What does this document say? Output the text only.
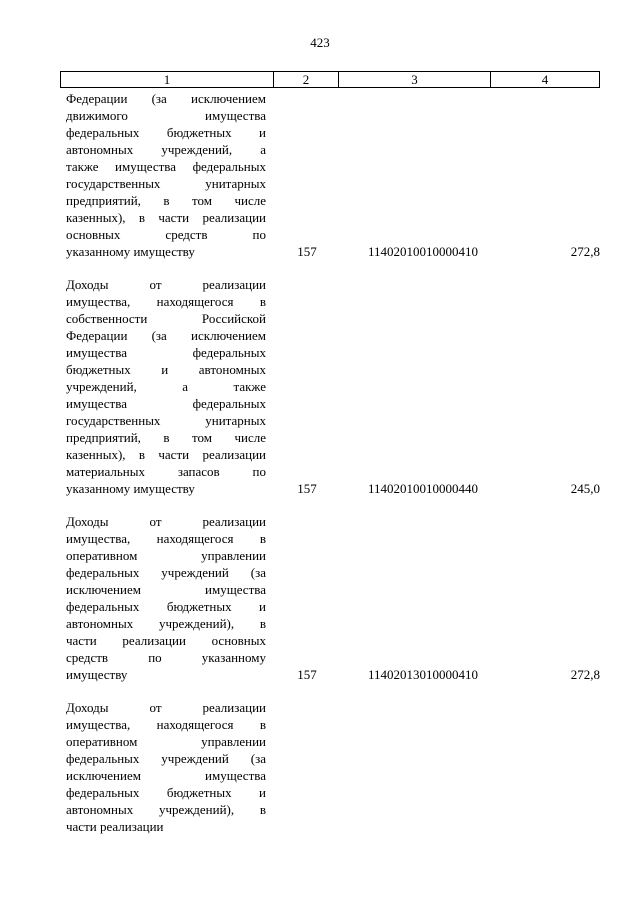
423
1	2	3	4
Федерации (за исключением
движимого имущества
федеральных бюджетных и
автономных учреждений, а
также имущества федеральных
государственных унитарных
предприятий, в том числе
казенных), в части реализации
основных средств по
указанному имуществу	157	11402010010000410	272,8
Доходы от реализации
имущества, находящегося в
собственности Российской
Федерации (за исключением
имущества федеральных
бюджетных и автономных
учреждений, а также
имущества федеральных
государственных унитарных
предприятий, в том числе
казенных), в части реализации
материальных запасов по
указанному имуществу	157	11402010010000440	245,0
Доходы от реализации
имущества, находящегося в
оперативном управлении
федеральных учреждений (за
исключением имущества
федеральных бюджетных и
автономных учреждений), в
части реализации основных
средств по указанному
имуществу	157	11402013010000410	272,8
Доходы от реализации
имущества, находящегося в
оперативном управлении
федеральных учреждений (за
исключением имущества
федеральных бюджетных и
автономных учреждений), в
части реализации
